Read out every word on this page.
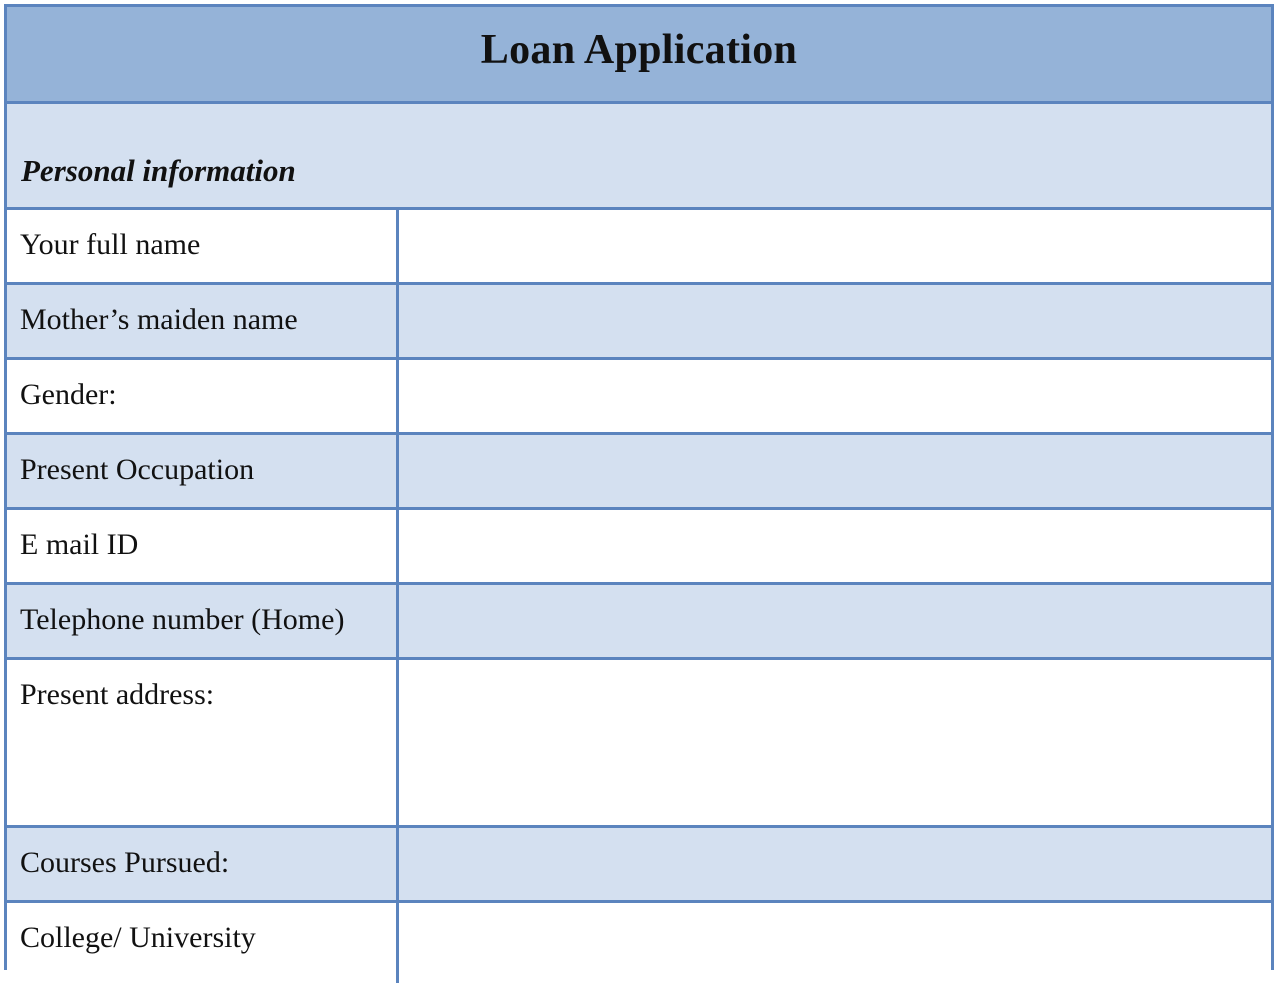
Loan Application
Personal information
Your full name
Mother’s maiden name
Gender:
Present Occupation
E mail ID
Telephone number (Home)
Present address:
Courses Pursued:
College/ University
